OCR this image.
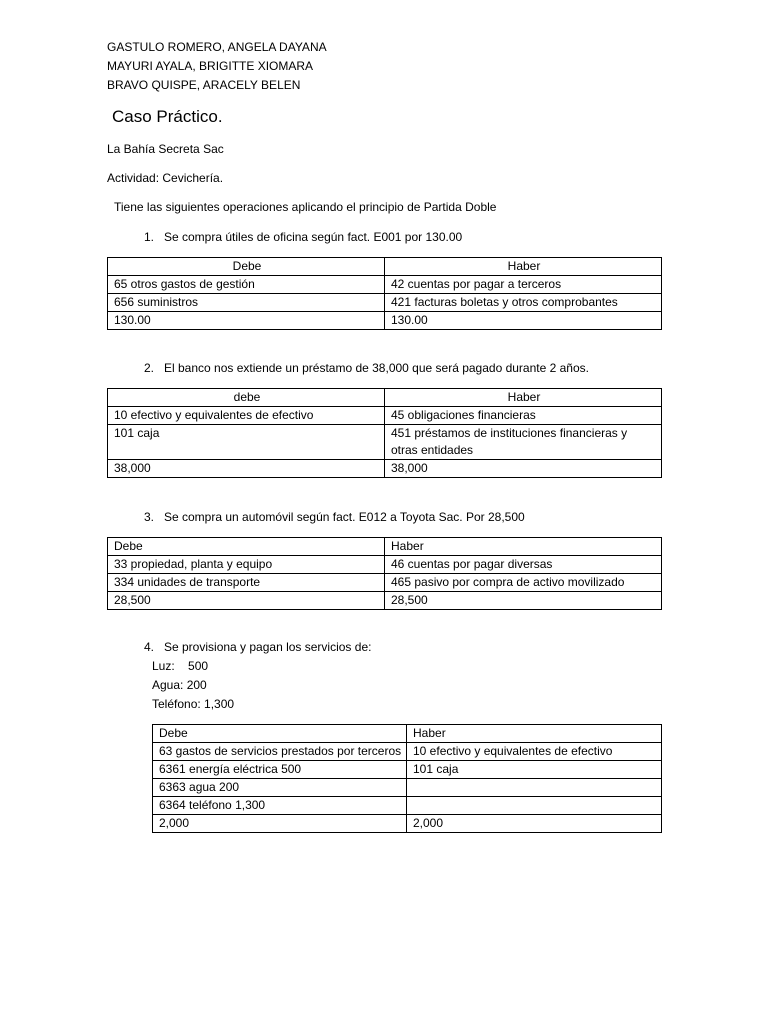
GASTULO ROMERO, ANGELA DAYANA
MAYURI AYALA, BRIGITTE XIOMARA
BRAVO QUISPE, ARACELY BELEN
Caso Práctico.
La Bahía Secreta Sac
Actividad: Cevichería.
Tiene las siguientes operaciones aplicando el principio de Partida Doble
1. Se compra útiles de oficina según fact. E001 por 130.00
Debe	Haber
65 otros gastos de gestión	42 cuentas por pagar a terceros
656 suministros	421 facturas boletas y otros comprobantes
130.00	130.00
2. El banco nos extiende un préstamo de 38,000 que será pagado durante 2 años.
debe	Haber
10 efectivo y equivalentes de efectivo	45 obligaciones financieras
101 caja	451 préstamos de instituciones financieras y otras entidades
38,000	38,000
3. Se compra un automóvil según fact. E012 a Toyota Sac. Por 28,500
Debe	Haber
33 propiedad, planta y equipo	46 cuentas por pagar diversas
334 unidades de transporte	465 pasivo por compra de activo movilizado
28,500	28,500
4. Se provisiona y pagan los servicios de:
Luz:    500
Agua: 200
Teléfono: 1,300
Debe	Haber
63 gastos de servicios prestados por terceros	10 efectivo y equivalentes de efectivo
6361 energía eléctrica 500	101 caja
6363 agua 200	
6364 teléfono 1,300	
2,000	2,000
